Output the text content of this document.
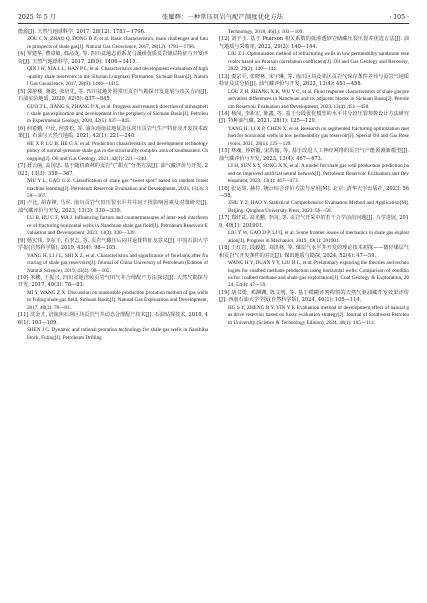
2025 年 5 月	张耀辉：一种常压页岩气配产制度优化方法	· 105 ·

能源[J]. 天然气地球科学, 2017, 28(12): 1781—1796.

ZOU C N, ZHAO Q, DONG D Z, et al. Basic characteristics, main challenges and future prospects of shale gas[J]. Natural Gas Geoscience, 2017, 28(12): 1781—1796.

[4] 覃建华, 曹富敏, 韩品龙, 等. 四川盆地志留系龙马溪组优质页岩储层特征与开发评价[J]. 天然气地球科学, 2017, 28(9): 1406—1415.

QIN J H, XIA L L, HAN P L, et al. Characteristics and development evaluation of high-quality shale reservoirs in the Silurian Longmaxi Formation, Sichuan Basin[J]. Natural Gas Geoscience, 2017, 28(9): 1406—1415.

[5] 郭彤楼, 蒋恕, 张培先, 等. 四川盆地外围常压页岩气勘探开发进展与攻关方向[J]. 石油实验地质, 2020, 42(5): 837—845.

GUO T L, JIANG S, ZHANG P X, et al. Progress and research direction of atmospheric shale gas exploration and development in the periphery of Sichuan Basin[J]. Petroleum Experimental Geology, 2020, 42(5): 837—845.

[6] 何希鹏, 卢比, 何贵松, 等. 渝东南南盆地复杂区常压页岩气生产特征及开发技术政策[J]. 石油与天然气地质, 2021, 42(1): 221—240.

HE X P, LU B, HE G S, et al. Production characteristics and development technology policy of normal-pressure shale gas in the structurally complex area of southeastern Chongqing[J]. Oil and Gas Geology, 2021, 42(1): 221—240.

[7] 聂云丽, 高国忠. 基于随机森林的页岩气“甜点”分类方法[J]. 油气藏评价与开发, 2023, 13(3): 358—367.

NIU Y L, GAO G Z. Classification of shale gas “sweet spot” based on random forest machine learning[J]. Petroleum Reservoir Evaluation and Development, 2023, 13(3): 358—367.

[8] 卢比, 胡春锋, 马军. 南川页岩气田压裂水平井井间干扰影响因素及对策研究[J]. 油气藏评价与开发, 2023, 13(3): 330—339.

LU B, HU C F, MA J. Influencing factors and countermeasures of inter-well interference of fracturing horizontal wells in Nanchuan shale gas field[J]. Petroleum Reservoir Evaluation and Development, 2023, 13(3): 330—339.

[9] 杨宏伟, 李东玉, 石李志, 等. 页岩气藏压后闷井返排特征及意义[J]. 中国石油大学学报(自然科学版), 2019, 43(4): 98—105.

YANG H, LI J L, SHI X Z, et al. Characteristics and significance of flowback after fracturing of shale gas reservoirs[J]. Journal of China University of Petroleum (Edition of Natural Science), 2019, 43(4): 98—105.

[10] 米鹏, 王振兴, 四川盆地涪陵页岩气田气井合理配产方法探讨[J]. 天然气勘探与开发, 2017, 40(3): 78—83.

MI Y, WANG Z X. Discussion on reasonable production proration method of gas wells in Fuling shale gas field, Sichuan Basin[J]. Natural Gas Exploration and Development, 2017, 40(3): 78—83.

[11] 沈金才, 涪陵焦石坝区块页岩气井动态合理配产技术[J]. 石油钻探技术, 2018, 46(1): 103—109.

SHEN J C. Dynamic and rational proration technology for shale gas wells in Jiaoshiba block, Fuling[J]. Petroleum Drilling

Technology, 2018, 46(1): 103—109.

[12] 刘子玉. 基于 Pearson 相关系数的低渗透砂岩储藏压裂压裂井优选方法[J]. 油气地质与采收率, 2022, 29(2): 140—144.

LIU Z J. Optimization method of refracturing wells in low permeability sandstone reservoirs based on Pearson correlation coefficient[J]. Oil and Gas Geology and Recovery, 2022, 29(2): 140—144.

[13] 娄宗平, 张晓林, 宋宇琳, 等. 南川区块及邻区页岩气保存条件差异与页岩气地质特征及其分析[J]. 油气藏评价与开发, 2023, 13(4): 451—458.

LOU Z H, ZHANG X K, WU Y C, et al. Fluid response characteristics of shale gas preservation differences in Nanchuan and its adjacent blocks in Sichuan Basin[J]. Petroleum Reservoir Evaluation and Development, 2023, 13(4): 451—458.

[14] 杨闯, 李新宏, 陈鑫, 等. 基于分段优化模型的水平井分段压裂参数设计方法研究[J]. 特种油气藏, 2021, 28(1): 125—129.

YANG H, LI X P, CHEN X, et al. Research on segmented fracturing optimization method for horizontal wells in low permeability gas reservoir[J]. Special Oil and Gas Reservoirs, 2021, 28(1): 125—129.

[15] 林魂, 孙新毅, 宋洪翰, 等. 基于改进人工神经网络的页岩气产能预测新模型[J]. 油气藏评价与开发, 2023, 13(4): 467—473.

LI H, SUN X Y, SONG X X, et al. A model for shale gas well production prediction based on improved artificial neural network[J]. Petroleum Reservoir Evaluation and Development, 2023, 13(4): 467—473.

[16] 张运周. 赫拉. 统计综合评价方法与应用[M]. 北京: 清华大学出版社, 2023: 56—58.

ZHU Y Z, HAO Y. Statistical Comprehensive Evaluation Method and Application[M]. Beijing: Qinghua University Press, 2023: 56—58.

[17] 郑轩武, 高光鹏, 李向, 等. 页岩气开采中的若干力学前沿问题[J]. 力学进展, 2019, 49(1): 201901.

LIU Y W, GAO D P, LI Q, et al. Some frontier issues of mechanics in shale gas exploitation[J]. Progress in Mechanics, 2019, 49(1): 201901.

[18] 王红岩, 段毅超, 刘洪林, 等. 煤层气水平井开发的理论技术初探——微径煤层气和页岩气开发条件的对比[J]. 煤田地质与勘探, 2024, 52(4): 47—59.

WANG H Y, DUAN Y Y, LIU H L, et al. Preliminary exploring the theories and technologies for coalbed methane production using horizontal wells: Comparison of conditions for coalbed methane and shale gas exploitation[J]. Coal Geology & Exploration, 2024, 52(4): 47—59.

[19] 胡书勇, 邓渊渊, 陈文明, 等. 基于模糊评判构筑的天然气驱油藏开发效果评价[J]. 西南石油大学学报(自然科学版), 2024, 46(1): 105—114.

HU S Y, ZHENG B Y, YIN Y F. Evaluation method of development effect of natural gas drive reservoir based on fuzzy evaluation strategy[J]. Journal of Southwest Petroleum University (Science & Technology Edition), 2024, 46(1): 105—114.
